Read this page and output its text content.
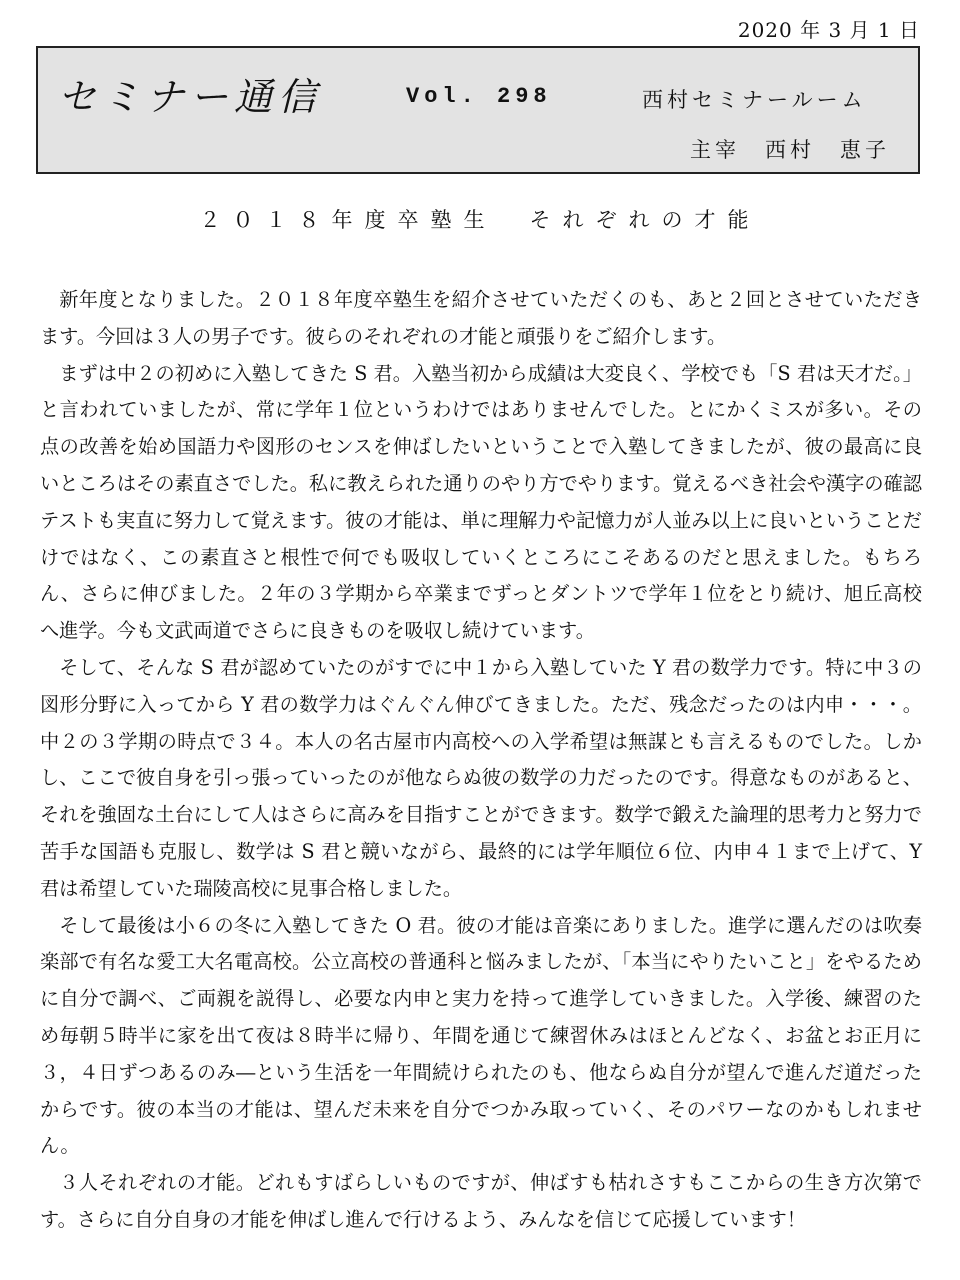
2020 年 3 月 1 日
セミナー通信	Vol. 298	西村セミナールーム
主宰　西村　恵子
２０１８年度卒塾生　それぞれの才能

新年度となりました。２０１８年度卒塾生を紹介させていただくのも、あと２回とさせていただきます。今回は３人の男子です。彼らのそれぞれの才能と頑張りをご紹介します。

まずは中２の初めに入塾してきた S 君。入塾当初から成績は大変良く、学校でも「S 君は天才だ。」と言われていましたが、常に学年１位というわけではありませんでした。とにかくミスが多い。その点の改善を始め国語力や図形のセンスを伸ばしたいということで入塾してきましたが、彼の最高に良いところはその素直さでした。私に教えられた通りのやり方でやります。覚えるべき社会や漢字の確認テストも実直に努力して覚えます。彼の才能は、単に理解力や記憶力が人並み以上に良いということだけではなく、この素直さと根性で何でも吸収していくところにこそあるのだと思えました。もちろん、さらに伸びました。２年の３学期から卒業までずっとダントツで学年１位をとり続け、旭丘高校へ進学。今も文武両道でさらに良きものを吸収し続けています。

そして、そんな S 君が認めていたのがすでに中１から入塾していた Y 君の数学力です。特に中３の図形分野に入ってから Y 君の数学力はぐんぐん伸びてきました。ただ、残念だったのは内申・・・。中２の３学期の時点で３４。本人の名古屋市内高校への入学希望は無謀とも言えるものでした。しかし、ここで彼自身を引っ張っていったのが他ならぬ彼の数学の力だったのです。得意なものがあると、それを強固な土台にして人はさらに高みを目指すことができます。数学で鍛えた論理的思考力と努力で苦手な国語も克服し、数学は S 君と競いながら、最終的には学年順位６位、内申４１まで上げて、Y 君は希望していた瑞陵高校に見事合格しました。

そして最後は小６の冬に入塾してきた O 君。彼の才能は音楽にありました。進学に選んだのは吹奏楽部で有名な愛工大名電高校。公立高校の普通科と悩みましたが、「本当にやりたいこと」をやるために自分で調べ、ご両親を説得し、必要な内申と実力を持って進学していきました。入学後、練習のため毎朝５時半に家を出て夜は８時半に帰り、年間を通じて練習休みはほとんどなく、お盆とお正月に３，４日ずつあるのみ―という生活を一年間続けられたのも、他ならぬ自分が望んで進んだ道だったからです。彼の本当の才能は、望んだ未来を自分でつかみ取っていく、そのパワーなのかもしれません。

３人それぞれの才能。どれもすばらしいものですが、伸ばすも枯れさすもここからの生き方次第です。さらに自分自身の才能を伸ばし進んで行けるよう、みんなを信じて応援しています！
